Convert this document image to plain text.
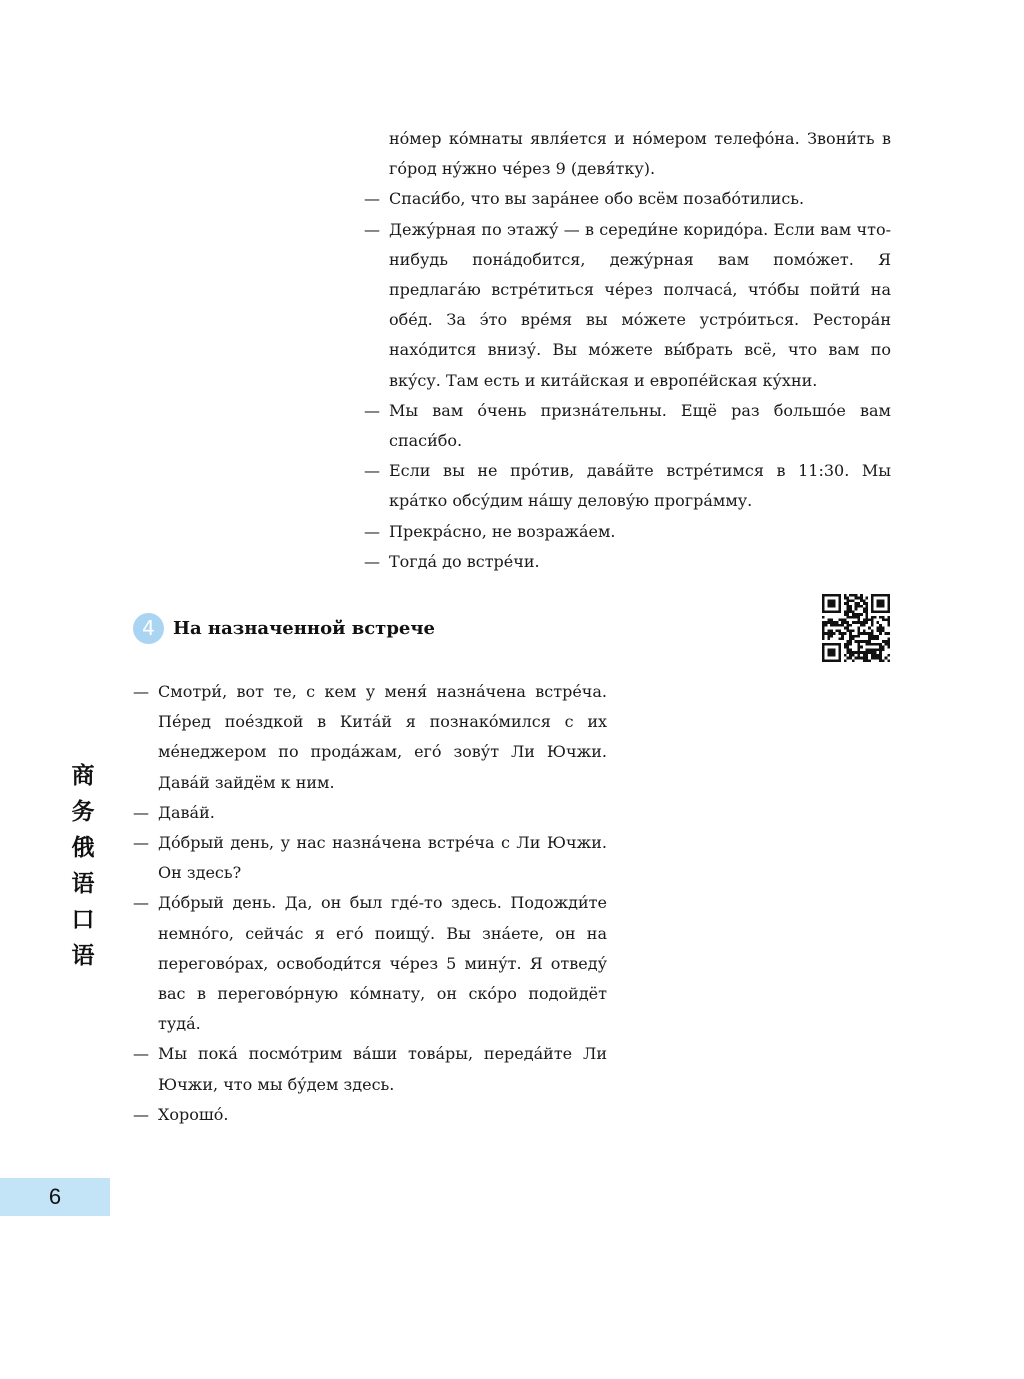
но́мер ко́мнаты явля́ется и но́мером телефо́на. Звони́ть в го́род ну́жно че́рез 9 (девя́тку).
— Спаси́бо, что вы зара́нее обо всём позабо́тились.
— Дежу́рная по этажу́ — в середи́не коридо́ра. Если вам что-нибудь пона́добится, дежу́рная вам помо́жет. Я предлага́ю встре́титься че́рез полчаса́, что́бы пойти́ на обе́д. За э́то вре́мя вы мо́жете устро́иться. Рестора́н нахо́дится внизу́. Вы мо́жете вы́брать всё, что вам по вку́су. Там есть и кита́йская и европе́йская ку́хни.
— Мы вам о́чень призна́тельны. Ещё раз большо́е вам спаси́бо.
— Если вы не про́тив, дава́йте встре́тимся в 11:30. Мы кра́тко обсу́дим на́шу делову́ю програ́мму.
— Прекра́сно, не возража́ем.
— Тогда́ до встре́чи.
4	На назначенной встрече
— Смотри́, вот те, с кем у меня́ назна́чена встре́ча. Пе́ред пое́здкой в Кита́й я познако́мился с их ме́неджером по прода́жам, его́ зову́т Ли Ючжи. Дава́й зайдём к ним.
— Дава́й.
— До́брый день, у нас назна́чена встре́ча с Ли Ючжи. Он здесь?
— До́брый день. Да, он был где́-то здесь. Подожди́те немно́го, сейча́с я его́ поищу́. Вы зна́ете, он на перегово́рах, освободи́тся че́рез 5 мину́т. Я отведу́ вас в перегово́рную ко́мнату, он ско́ро подойдёт туда́.
— Мы пока́ посмо́трим ва́ши това́ры, переда́йте Ли Ючжи, что мы бу́дем здесь.
— Хорошо́.
商
务
俄
语
口
语
6
